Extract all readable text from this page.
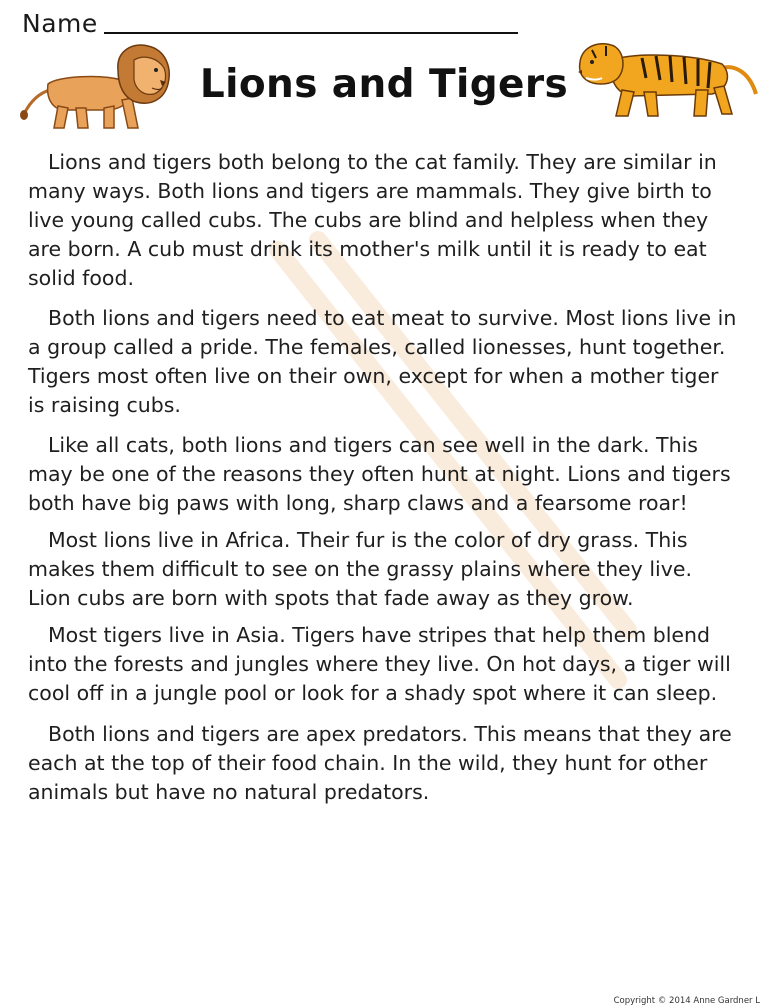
Name
Lions and Tigers

Lions and tigers both belong to the cat family. They are similar in many ways. Both lions and tigers are mammals. They give birth to live young called cubs. The cubs are blind and helpless when they are born. A cub must drink its mother's milk until it is ready to eat solid food.

Both lions and tigers need to eat meat to survive. Most lions live in a group called a pride. The females, called lionesses, hunt together. Tigers most often live on their own, except for when a mother tiger is raising cubs.

Like all cats, both lions and tigers can see well in the dark. This may be one of the reasons they often hunt at night. Lions and tigers both have big paws with long, sharp claws and a fearsome roar!

Most lions live in Africa. Their fur is the color of dry grass. This makes them difficult to see on the grassy plains where they live. Lion cubs are born with spots that fade away as they grow.

Most tigers live in Asia. Tigers have stripes that help them blend into the forests and jungles where they live. On hot days, a tiger will cool off in a jungle pool or look for a shady spot where it can sleep.

Both lions and tigers are apex predators. This means that they are each at the top of their food chain. In the wild, they hunt for other animals but have no natural predators.

Copyright © 2014 Anne Gardner L
